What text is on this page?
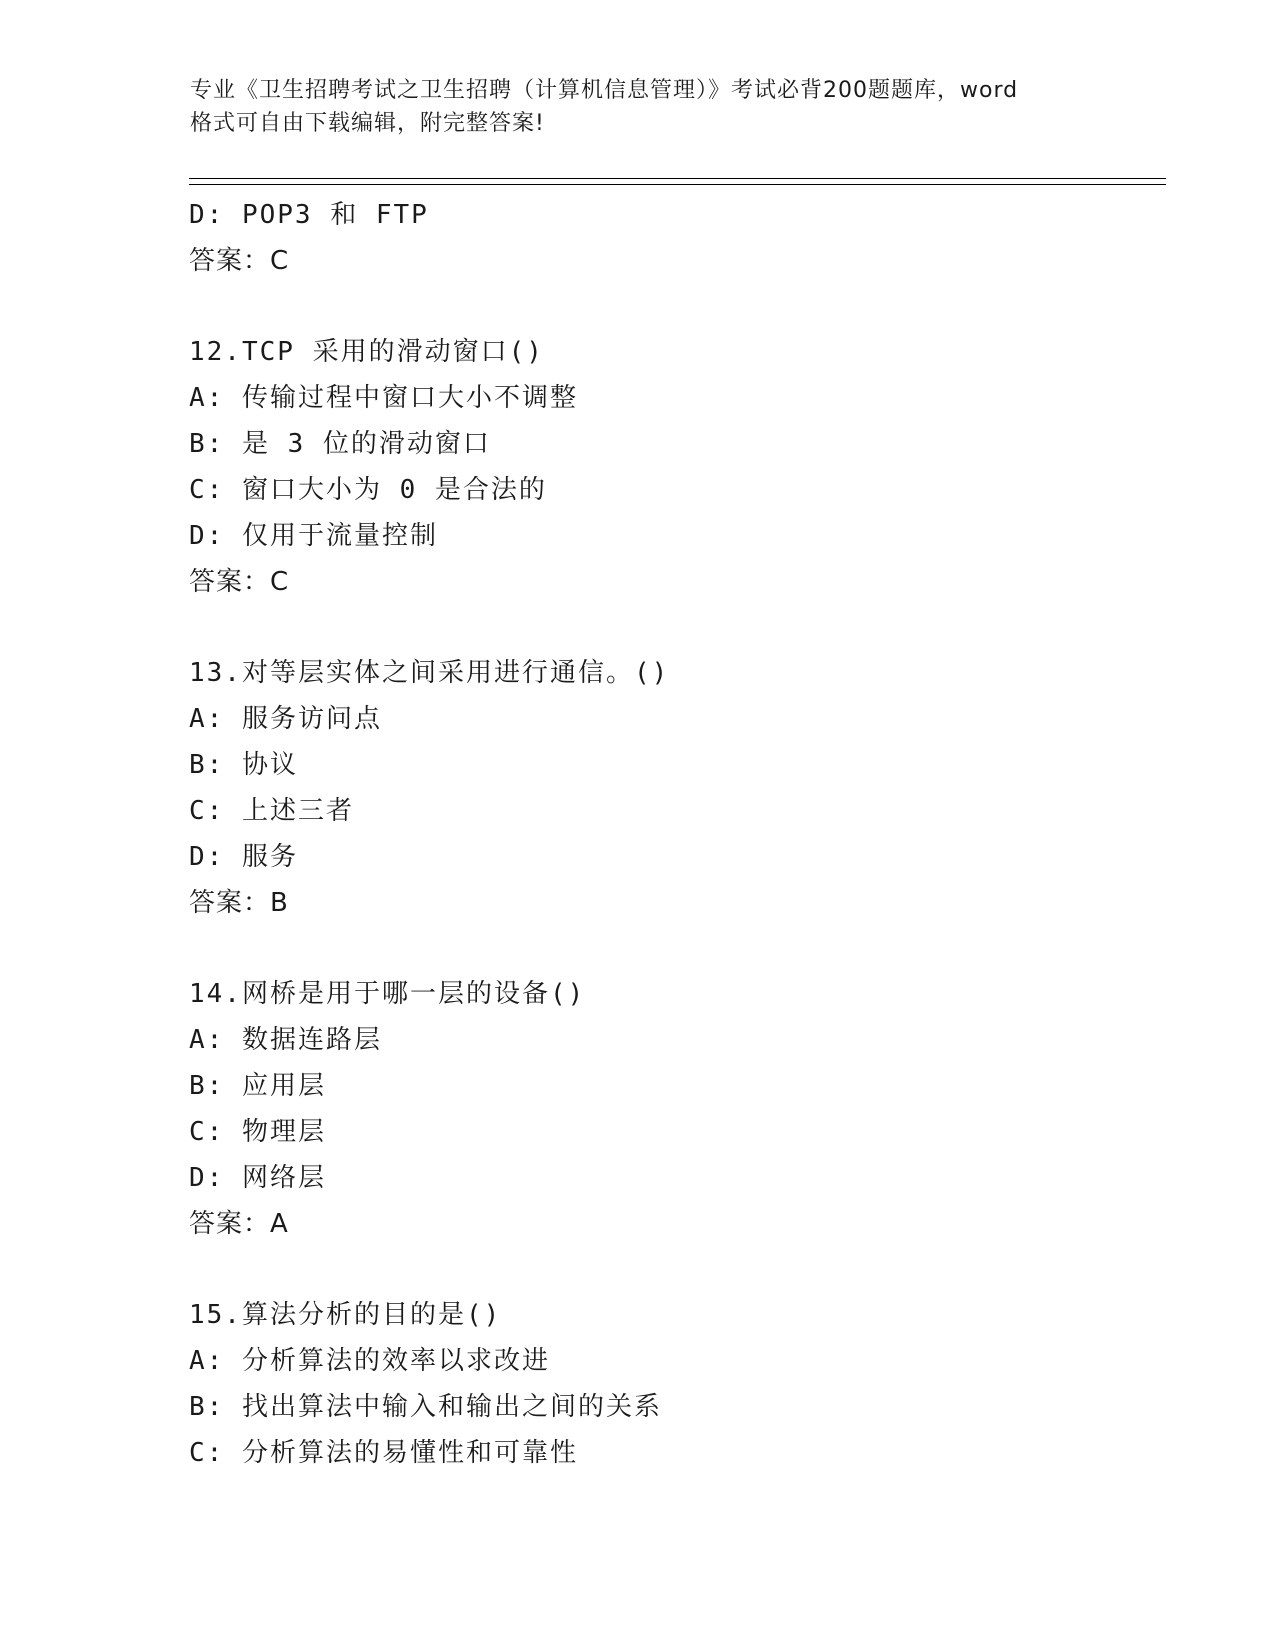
专业《卫生招聘考试之卫生招聘（计算机信息管理）》考试必背200题题库，word
格式可自由下载编辑，附完整答案!
D: POP3 和 FTP
答案：C
12.TCP 采用的滑动窗口()
A: 传输过程中窗口大小不调整
B: 是 3 位的滑动窗口
C: 窗口大小为 0 是合法的
D: 仅用于流量控制
答案：C
13.对等层实体之间采用进行通信。()
A: 服务访问点
B: 协议
C: 上述三者
D: 服务
答案：B
14.网桥是用于哪一层的设备()
A: 数据连路层
B: 应用层
C: 物理层
D: 网络层
答案：A
15.算法分析的目的是()
A: 分析算法的效率以求改进
B: 找出算法中输入和输出之间的关系
C: 分析算法的易懂性和可靠性
